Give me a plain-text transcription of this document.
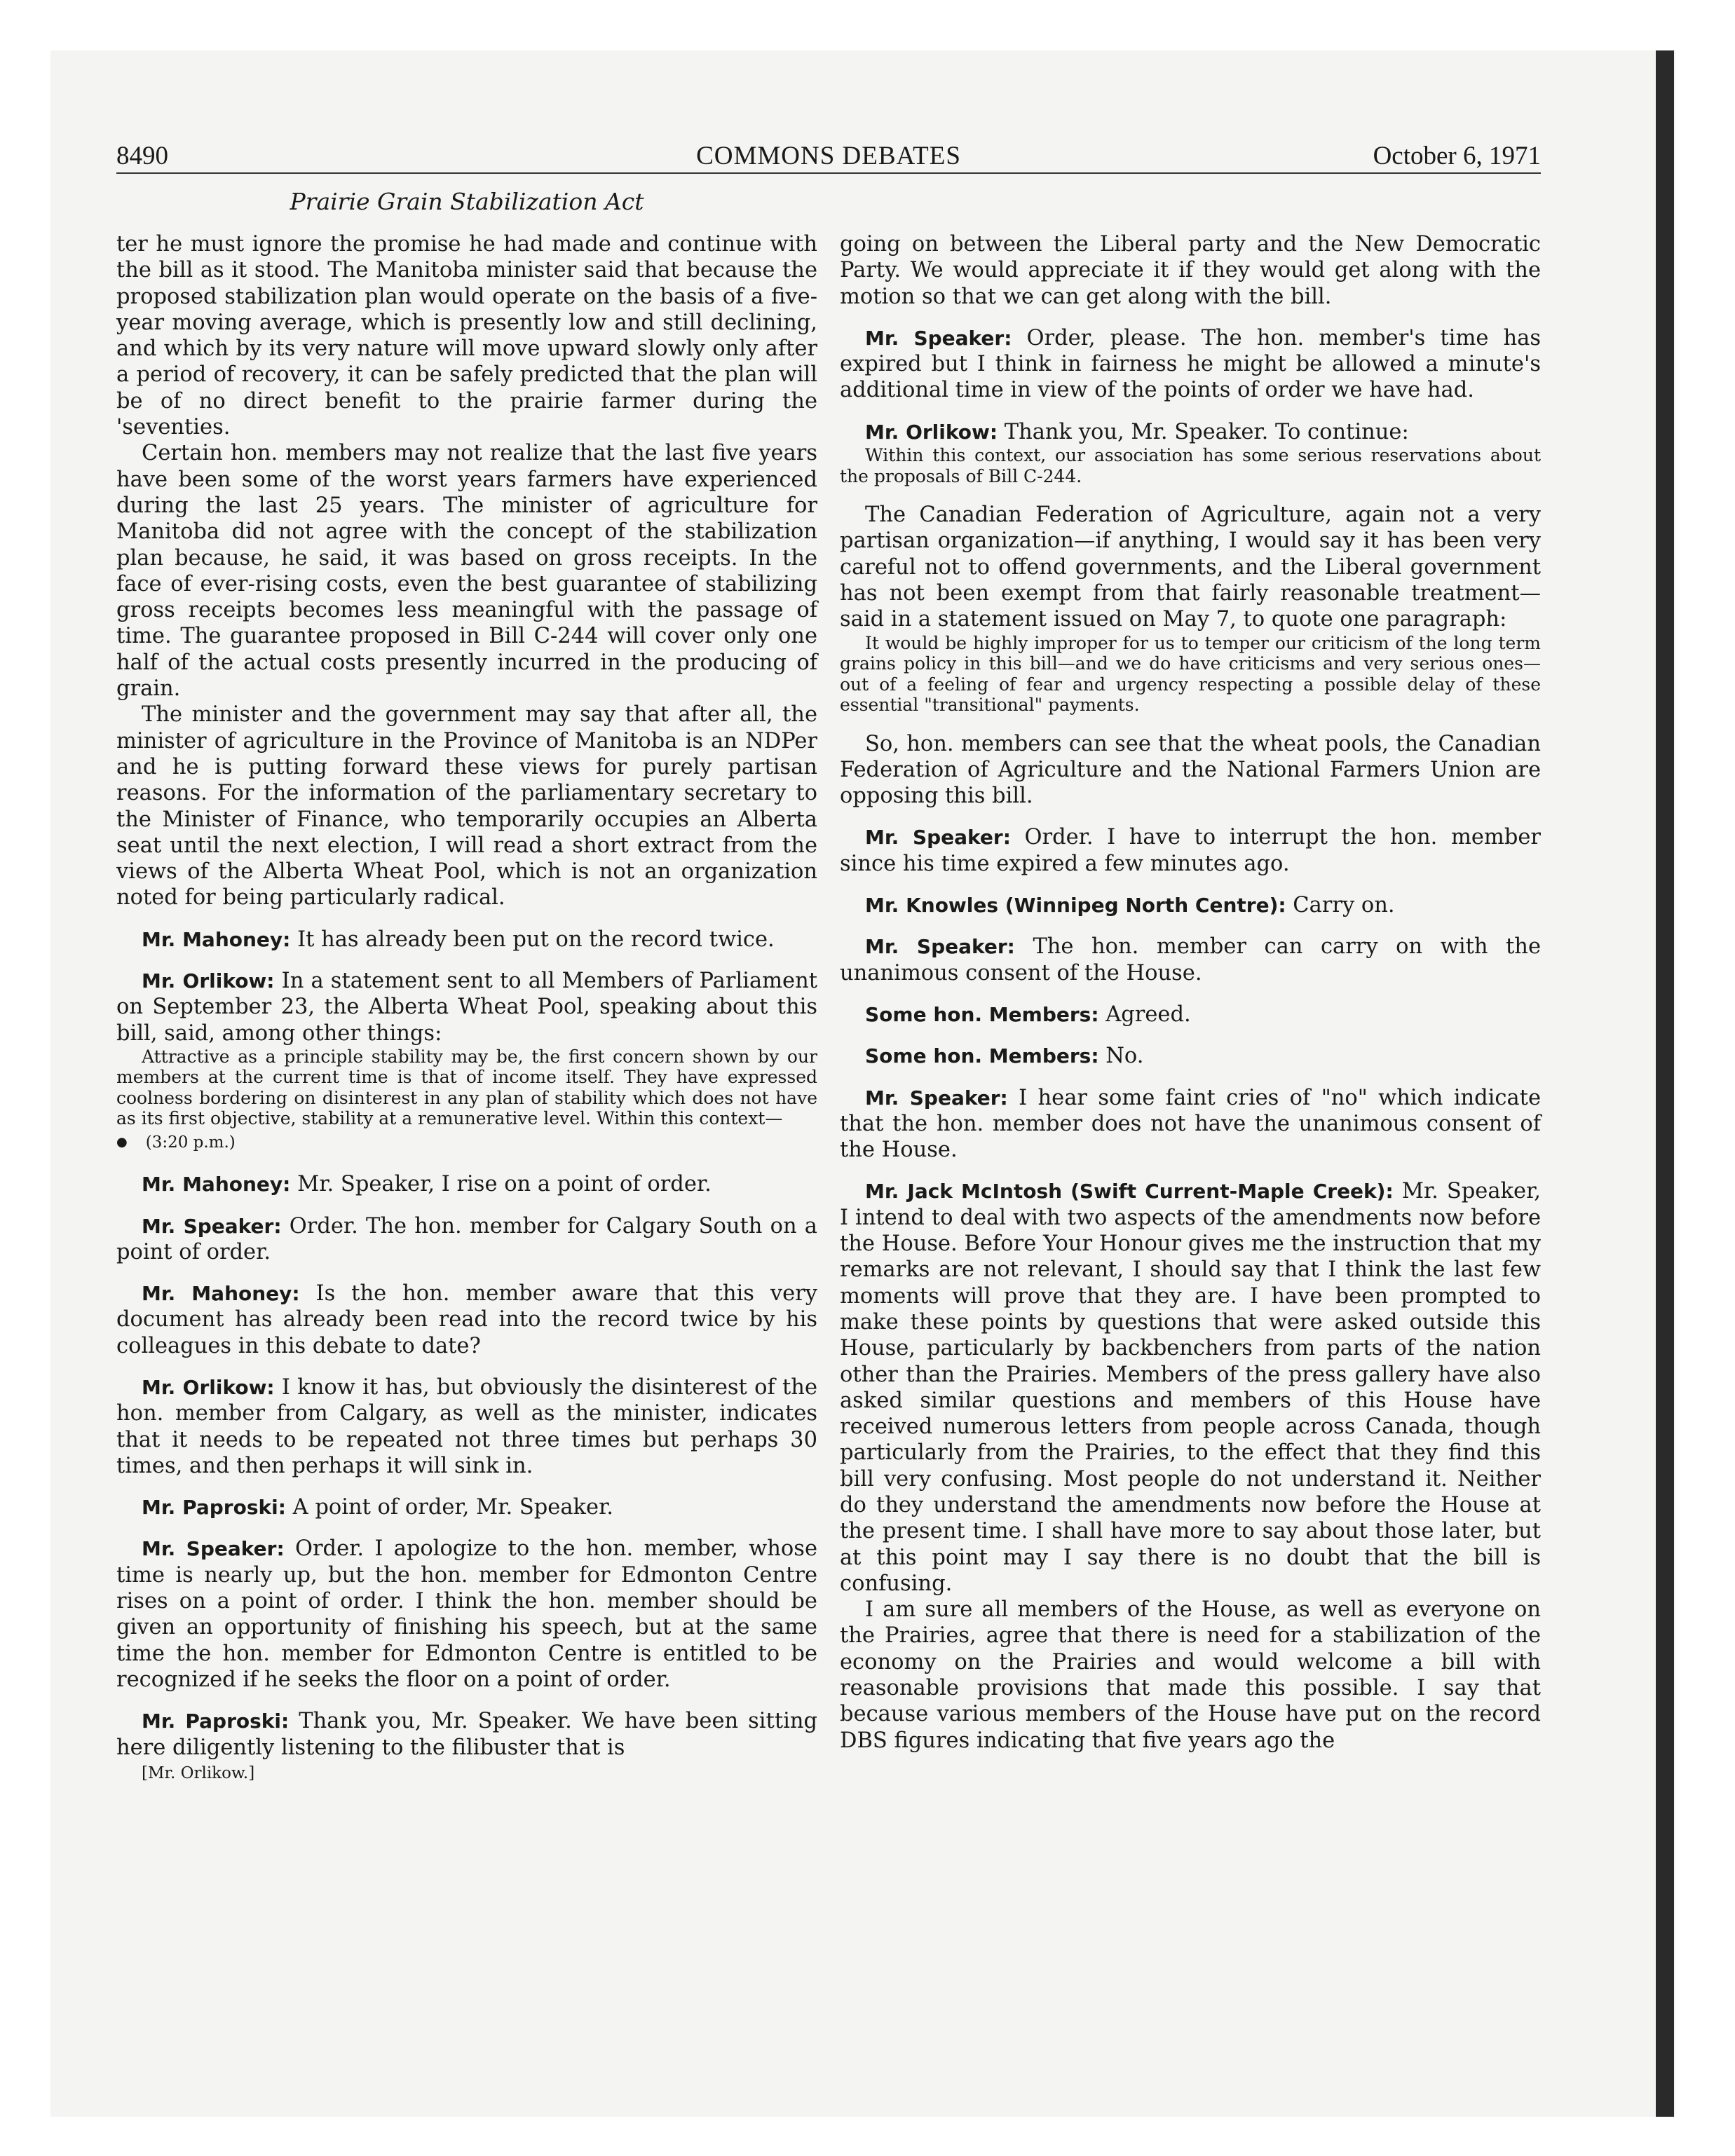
8490	COMMONS DEBATES	October 6, 1971
Prairie Grain Stabilization Act

ter he must ignore the promise he had made and continue with the bill as it stood. The Manitoba minister said that because the proposed stabilization plan would operate on the basis of a five-year moving average, which is presently low and still declining, and which by its very nature will move upward slowly only after a period of recovery, it can be safely predicted that the plan will be of no direct benefit to the prairie farmer during the 'seventies.

Certain hon. members may not realize that the last five years have been some of the worst years farmers have experienced during the last 25 years. The minister of agriculture for Manitoba did not agree with the concept of the stabilization plan because, he said, it was based on gross receipts. In the face of ever-rising costs, even the best guarantee of stabilizing gross receipts becomes less meaningful with the passage of time. The guarantee proposed in Bill C-244 will cover only one half of the actual costs presently incurred in the producing of grain.

The minister and the government may say that after all, the minister of agriculture in the Province of Manitoba is an NDPer and he is putting forward these views for purely partisan reasons. For the information of the parliamentary secretary to the Minister of Finance, who temporarily occupies an Alberta seat until the next election, I will read a short extract from the views of the Alberta Wheat Pool, which is not an organization noted for being particularly radical.

Mr. Mahoney: It has already been put on the record twice.

Mr. Orlikow: In a statement sent to all Members of Parliament on September 23, the Alberta Wheat Pool, speaking about this bill, said, among other things:

Attractive as a principle stability may be, the first concern shown by our members at the current time is that of income itself. They have expressed coolness bordering on disinterest in any plan of stability which does not have as its first objective, stability at a remunerative level. Within this context—

● (3:20 p.m.)

Mr. Mahoney: Mr. Speaker, I rise on a point of order.

Mr. Speaker: Order. The hon. member for Calgary South on a point of order.

Mr. Mahoney: Is the hon. member aware that this very document has already been read into the record twice by his colleagues in this debate to date?

Mr. Orlikow: I know it has, but obviously the disinterest of the hon. member from Calgary, as well as the minister, indicates that it needs to be repeated not three times but perhaps 30 times, and then perhaps it will sink in.

Mr. Paproski: A point of order, Mr. Speaker.

Mr. Speaker: Order. I apologize to the hon. member, whose time is nearly up, but the hon. member for Edmonton Centre rises on a point of order. I think the hon. member should be given an opportunity of finishing his speech, but at the same time the hon. member for Edmonton Centre is entitled to be recognized if he seeks the floor on a point of order.

Mr. Paproski: Thank you, Mr. Speaker. We have been sitting here diligently listening to the filibuster that is

[Mr. Orlikow.]

going on between the Liberal party and the New Democratic Party. We would appreciate it if they would get along with the motion so that we can get along with the bill.

Mr. Speaker: Order, please. The hon. member's time has expired but I think in fairness he might be allowed a minute's additional time in view of the points of order we have had.

Mr. Orlikow: Thank you, Mr. Speaker. To continue:

Within this context, our association has some serious reservations about the proposals of Bill C-244.

The Canadian Federation of Agriculture, again not a very partisan organization—if anything, I would say it has been very careful not to offend governments, and the Liberal government has not been exempt from that fairly reasonable treatment—said in a statement issued on May 7, to quote one paragraph:

It would be highly improper for us to temper our criticism of the long term grains policy in this bill—and we do have criticisms and very serious ones—out of a feeling of fear and urgency respecting a possible delay of these essential "transitional" payments.

So, hon. members can see that the wheat pools, the Canadian Federation of Agriculture and the National Farmers Union are opposing this bill.

Mr. Speaker: Order. I have to interrupt the hon. member since his time expired a few minutes ago.

Mr. Knowles (Winnipeg North Centre): Carry on.

Mr. Speaker: The hon. member can carry on with the unanimous consent of the House.

Some hon. Members: Agreed.

Some hon. Members: No.

Mr. Speaker: I hear some faint cries of "no" which indicate that the hon. member does not have the unanimous consent of the House.

Mr. Jack McIntosh (Swift Current-Maple Creek): Mr. Speaker, I intend to deal with two aspects of the amendments now before the House. Before Your Honour gives me the instruction that my remarks are not relevant, I should say that I think the last few moments will prove that they are. I have been prompted to make these points by questions that were asked outside this House, particularly by backbenchers from parts of the nation other than the Prairies. Members of the press gallery have also asked similar questions and members of this House have received numerous letters from people across Canada, though particularly from the Prairies, to the effect that they find this bill very confusing. Most people do not understand it. Neither do they understand the amendments now before the House at the present time. I shall have more to say about those later, but at this point may I say there is no doubt that the bill is confusing.

I am sure all members of the House, as well as everyone on the Prairies, agree that there is need for a stabilization of the economy on the Prairies and would welcome a bill with reasonable provisions that made this possible. I say that because various members of the House have put on the record DBS figures indicating that five years ago the
